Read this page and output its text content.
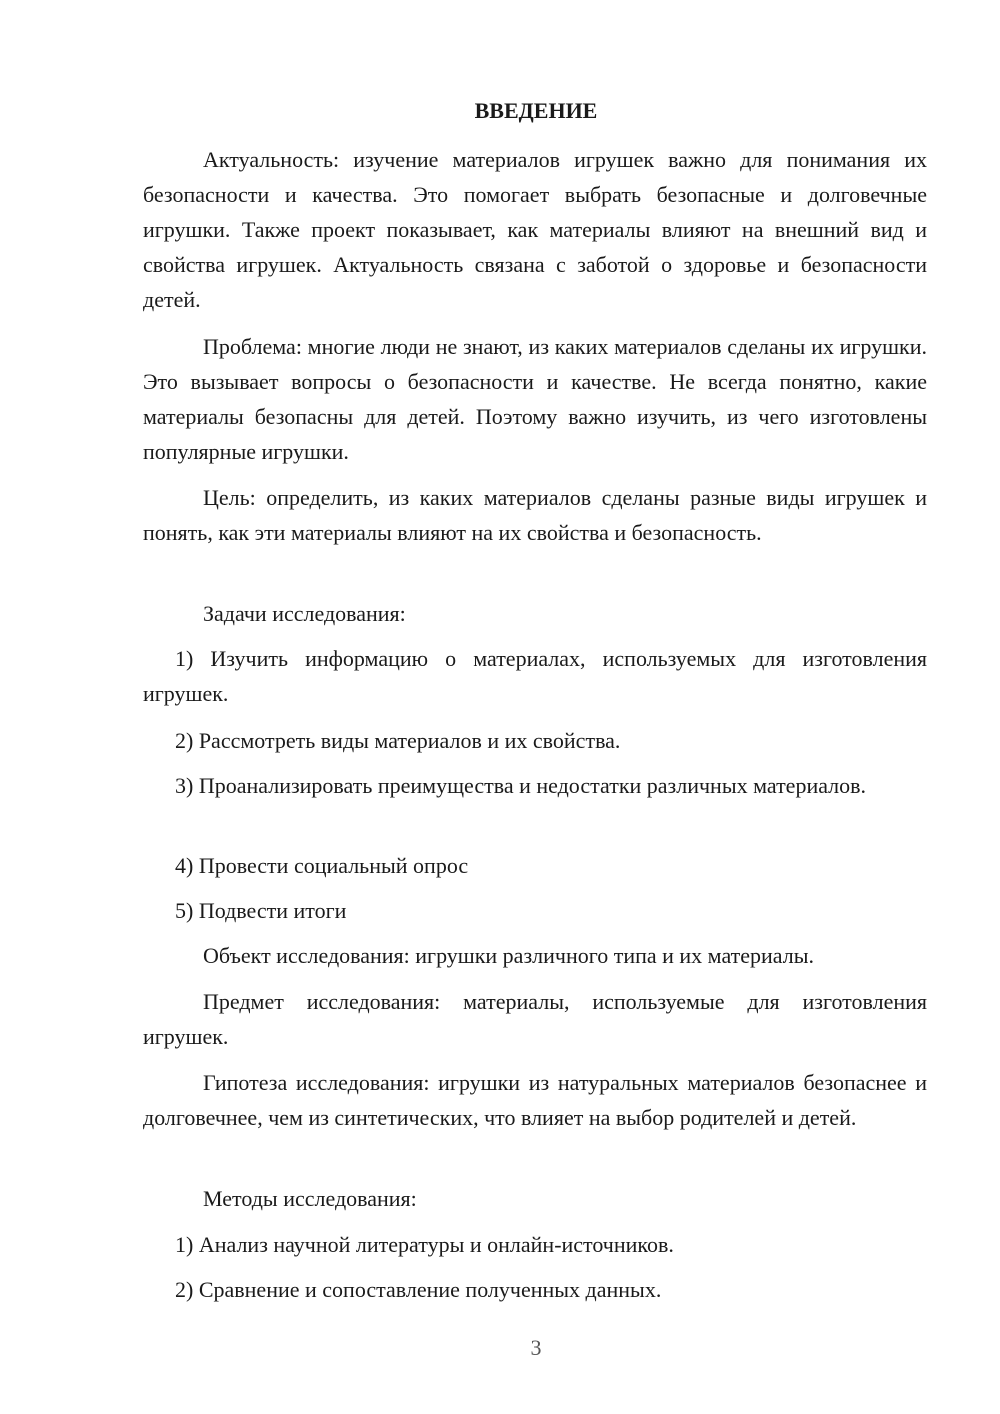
ВВЕДЕНИЕ

Актуальность: изучение материалов игрушек важно для понимания их безопасности и качества. Это помогает выбрать безопасные и долговечные игрушки. Также проект показывает, как материалы влияют на внешний вид и свойства игрушек. Актуальность связана с заботой о здоровье и безопасности детей.

Проблема: многие люди не знают, из каких материалов сделаны их игрушки. Это вызывает вопросы о безопасности и качестве. Не всегда понятно, какие материалы безопасны для детей. Поэтому важно изучить, из чего изготовлены популярные игрушки.

Цель: определить, из каких материалов сделаны разные виды игрушек и понять, как эти материалы влияют на их свойства и безопасность.

Задачи исследования:

1) Изучить информацию о материалах, используемых для изготовления игрушек.

2) Рассмотреть виды материалов и их свойства.

3) Проанализировать преимущества и недостатки различных материалов.

4) Провести социальный опрос

5) Подвести итоги

Объект исследования: игрушки различного типа и их материалы.

Предмет исследования: материалы, используемые для изготовления игрушек.

Гипотеза исследования: игрушки из натуральных материалов безопаснее и долговечнее, чем из синтетических, что влияет на выбор родителей и детей.

Методы исследования:

1) Анализ научной литературы и онлайн-источников.

2) Сравнение и сопоставление полученных данных.

3
